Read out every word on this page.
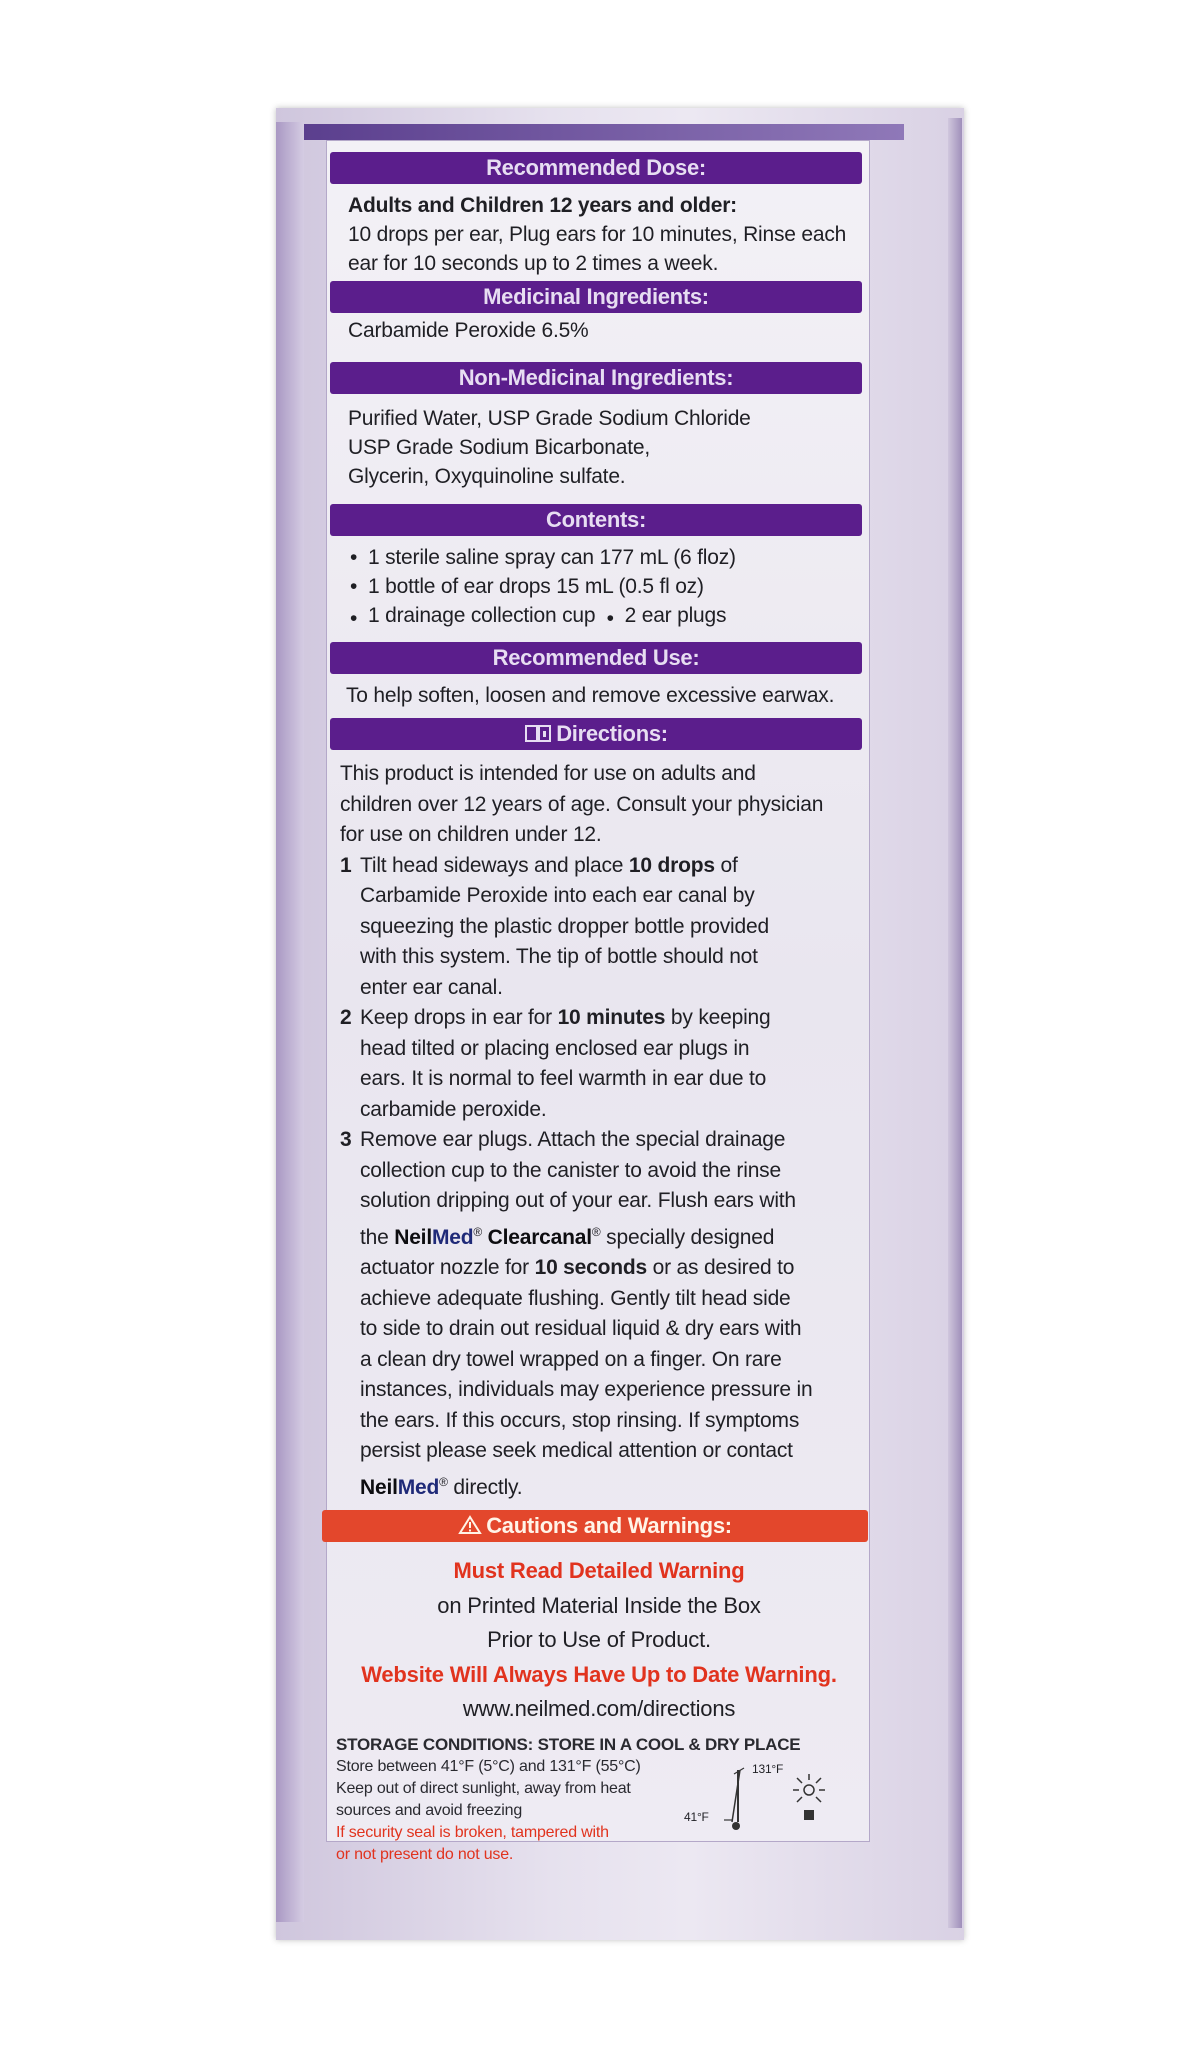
Recommended Dose:
Adults and Children 12 years and older:
10 drops per ear, Plug ears for 10 minutes, Rinse each
ear for 10 seconds up to 2 times a week.
Medicinal Ingredients:
Carbamide Peroxide 6.5%
Non-Medicinal Ingredients:
Purified Water, USP Grade Sodium Chloride
USP Grade Sodium Bicarbonate,
Glycerin, Oxyquinoline sulfate.
Contents:
• 1 sterile saline spray can 177 mL (6 floz)
• 1 bottle of ear drops 15 mL (0.5 fl oz)
• 1 drainage collection cup  • 2 ear plugs
Recommended Use:
To help soften, loosen and remove excessive earwax.
Directions:
This product is intended for use on adults and
children over 12 years of age. Consult your physician
for use on children under 12.
1 Tilt head sideways and place 10 drops of
Carbamide Peroxide into each ear canal by
squeezing the plastic dropper bottle provided
with this system. The tip of bottle should not
enter ear canal.
2 Keep drops in ear for 10 minutes by keeping
head tilted or placing enclosed ear plugs in
ears. It is normal to feel warmth in ear due to
carbamide peroxide.
3 Remove ear plugs. Attach the special drainage
collection cup to the canister to avoid the rinse
solution dripping out of your ear. Flush ears with
the NeilMed® Clearcanal® specially designed
actuator nozzle for 10 seconds or as desired to
achieve adequate flushing. Gently tilt head side
to side to drain out residual liquid & dry ears with
a clean dry towel wrapped on a finger. On rare
instances, individuals may experience pressure in
the ears. If this occurs, stop rinsing. If symptoms
persist please seek medical attention or contact
NeilMed® directly.
Cautions and Warnings:
Must Read Detailed Warning
on Printed Material Inside the Box
Prior to Use of Product.
Website Will Always Have Up to Date Warning.
www.neilmed.com/directions
STORAGE CONDITIONS: STORE IN A COOL & DRY PLACE
Store between 41°F (5°C) and 131°F (55°C)
Keep out of direct sunlight, away from heat
sources and avoid freezing
If security seal is broken, tampered with
or not present do not use.
131°F
41°F
